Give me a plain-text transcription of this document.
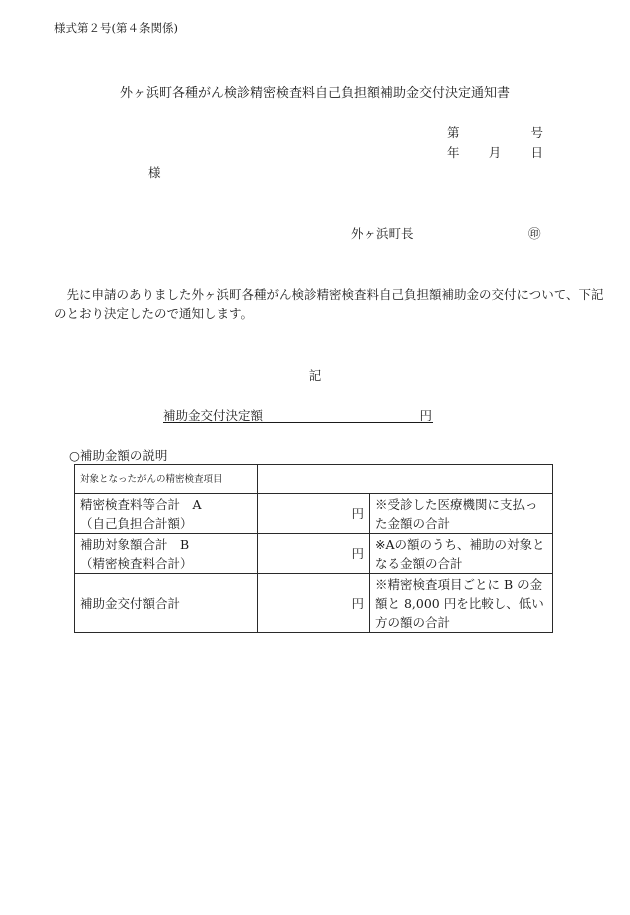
様式第２号(第４条関係)
外ヶ浜町各種がん検診精密検査料自己負担額補助金交付決定通知書
第	号
年 月 日
様
外ヶ浜町長	㊞
先に申請のありました外ヶ浜町各種がん検診精密検査料自己負担額補助金の交付について、下記のとおり決定したので通知します。
記
補助金交付決定額	円
○補助金額の説明
対象となったがんの精密検査項目		
精密検査料等合計　A
（自己負担合計額）	円	※受診した医療機関に支払った金額の合計
補助対象額合計　B
（精密検査料合計）	円	※Aの額のうち、補助の対象となる金額の合計
補助金交付額合計	円	※精密検査項目ごとに B の金額と 8,000 円を比較し、低い方の額の合計
